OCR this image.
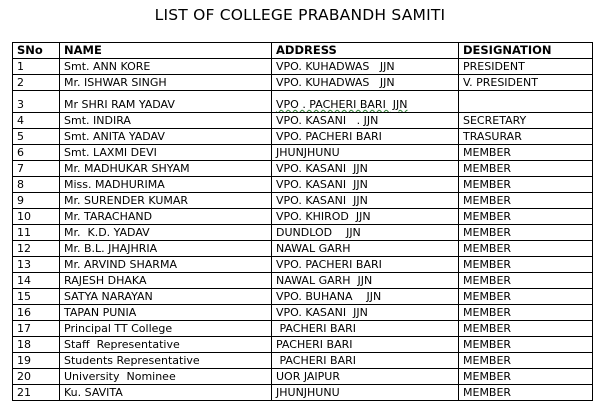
LIST OF COLLEGE PRABANDH SAMITI
SNo	NAME	ADDRESS	DESIGNATION
1	Smt. ANN KORE	VPO. KUHADWAS   JJN	PRESIDENT
2	Mr. ISHWAR SINGH	VPO. KUHADWAS   JJN	V. PRESIDENT
3	Mr SHRI RAM YADAV	VPO . PACHERI BARI  JJN	
4	Smt. INDIRA	VPO. KASANI   . JJN	SECRETARY
5	Smt. ANITA YADAV	VPO. PACHERI BARI	TRASURAR
6	Smt. LAXMI DEVI	JHUNJHUNU	MEMBER
7	Mr. MADHUKAR SHYAM	VPO. KASANI  JJN	MEMBER
8	Miss. MADHURIMA	VPO. KASANI  JJN	MEMBER
9	Mr. SURENDER KUMAR	VPO. KASANI  JJN	MEMBER
10	Mr. TARACHAND	VPO. KHIROD  JJN	MEMBER
11	Mr.  K.D. YADAV	DUNDLOD    JJN	MEMBER
12	Mr. B.L. JHAJHRIA	NAWAL GARH	MEMBER
13	Mr. ARVIND SHARMA	VPO. PACHERI BARI	MEMBER
14	RAJESH DHAKA	NAWAL GARH  JJN	MEMBER
15	SATYA NARAYAN	VPO. BUHANA    JJN	MEMBER
16	TAPAN PUNIA	VPO. KASANI  JJN	MEMBER
17	Principal TT College	PACHERI BARI	MEMBER
18	Staff  Representative	PACHERI BARI	MEMBER
19	Students Representative	PACHERI BARI	MEMBER
20	University  Nominee	UOR JAIPUR	MEMBER
21	Ku. SAVITA	JHUNJHUNU	MEMBER
